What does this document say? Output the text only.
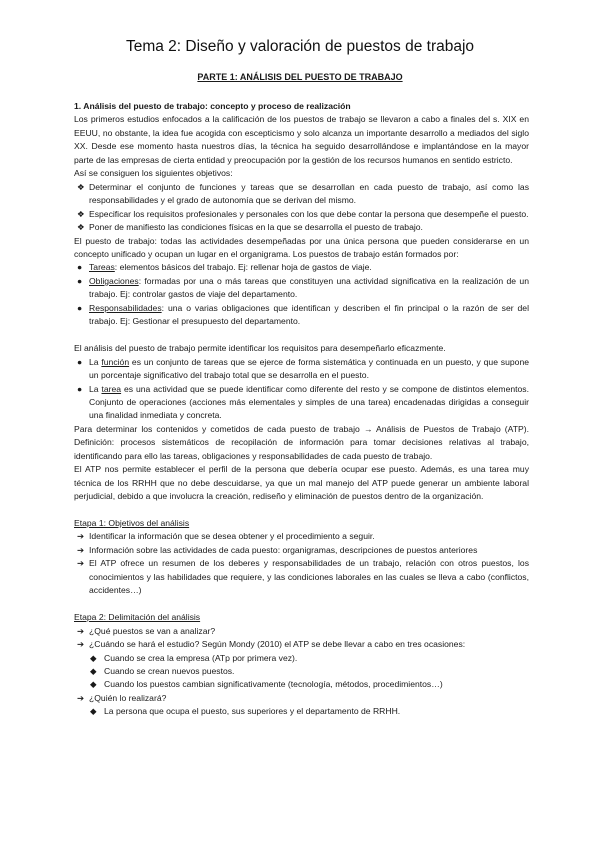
Tema 2: Diseño y valoración de puestos de trabajo
PARTE 1: ANÁLISIS DEL PUESTO DE TRABAJO

1. Análisis del puesto de trabajo: concepto y proceso de realización

Los primeros estudios enfocados a la calificación de los puestos de trabajo se llevaron a cabo a finales del s. XIX en EEUU, no obstante, la idea fue acogida con escepticismo y solo alcanza un importante desarrollo a mediados del siglo XX. Desde ese momento hasta nuestros días, la técnica ha seguido desarrollándose e implantándose en la mayor parte de las empresas de cierta entidad y preocupación por la gestión de los recursos humanos en sentido estricto.

Así se consiguen los siguientes objetivos:

❖ Determinar el conjunto de funciones y tareas que se desarrollan en cada puesto de trabajo, así como las responsabilidades y el grado de autonomía que se derivan del mismo.
❖ Especificar los requisitos profesionales y personales con los que debe contar la persona que desempeñe el puesto.
❖ Poner de manifiesto las condiciones físicas en la que se desarrolla el puesto de trabajo.

El puesto de trabajo: todas las actividades desempeñadas por una única persona que pueden considerarse en un concepto unificado y ocupan un lugar en el organigrama. Los puestos de trabajo están formados por:

● Tareas: elementos básicos del trabajo. Ej: rellenar hoja de gastos de viaje.
● Obligaciones: formadas por una o más tareas que constituyen una actividad significativa en la realización de un trabajo. Ej: controlar gastos de viaje del departamento.
● Responsabilidades: una o varias obligaciones que identifican y describen el fin principal o la razón de ser del trabajo. Ej: Gestionar el presupuesto del departamento.

El análisis del puesto de trabajo permite identificar los requisitos para desempeñarlo eficazmente.

● La función es un conjunto de tareas que se ejerce de forma sistemática y continuada en un puesto, y que supone un porcentaje significativo del trabajo total que se desarrolla en el puesto.
● La tarea es una actividad que se puede identificar como diferente del resto y se compone de distintos elementos. Conjunto de operaciones (acciones más elementales y simples de una tarea) encadenadas dirigidas a conseguir una finalidad inmediata y concreta.

Para determinar los contenidos y cometidos de cada puesto de trabajo → Análisis de Puestos de Trabajo (ATP). Definición: procesos sistemáticos de recopilación de información para tomar decisiones relativas al trabajo, identificando para ello las tareas, obligaciones y responsabilidades de cada puesto de trabajo.

El ATP nos permite establecer el perfil de la persona que debería ocupar ese puesto. Además, es una tarea muy técnica de los RRHH que no debe descuidarse, ya que un mal manejo del ATP puede generar un ambiente laboral perjudicial, debido a que involucra la creación, rediseño y eliminación de puestos dentro de la organización.

Etapa 1: Objetivos del análisis

➔ Identificar la información que se desea obtener y el procedimiento a seguir.
➔ Información sobre las actividades de cada puesto: organigramas, descripciones de puestos anteriores
➔ El ATP ofrece un resumen de los deberes y responsabilidades de un trabajo, relación con otros puestos, los conocimientos y las habilidades que requiere, y las condiciones laborales en las cuales se lleva a cabo (conflictos, accidentes…)

Etapa 2: Delimitación del análisis

➔ ¿Qué puestos se van a analizar?
➔ ¿Cuándo se hará el estudio? Según Mondy (2010) el ATP se debe llevar a cabo en tres ocasiones:
◆ Cuando se crea la empresa (ATp por primera vez).
◆ Cuando se crean nuevos puestos.
◆ Cuando los puestos cambian significativamente (tecnología, métodos, procedimientos…)
➔ ¿Quién lo realizará?
◆ La persona que ocupa el puesto, sus superiores y el departamento de RRHH.
